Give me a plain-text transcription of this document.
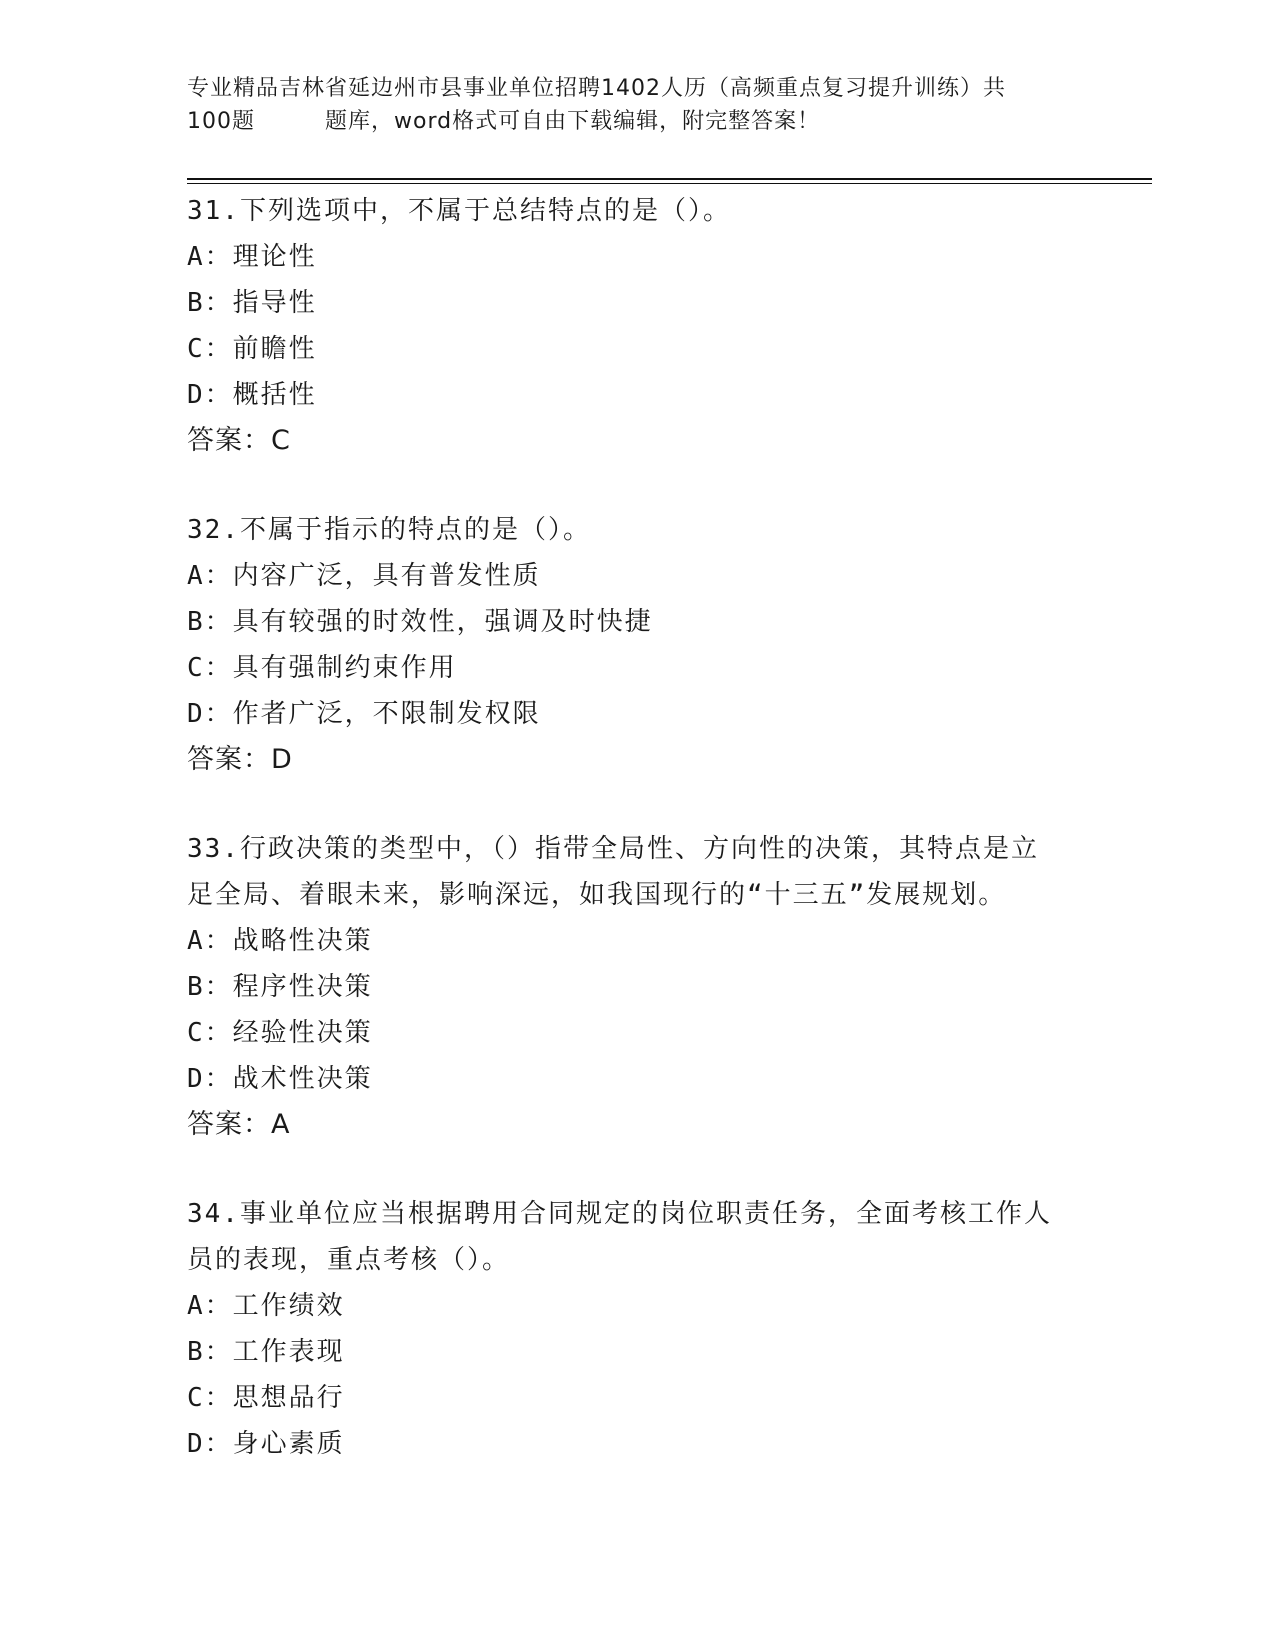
专业精品吉林省延边州市县事业单位招聘1402人历（高频重点复习提升训练）共
100题	题库，word格式可自由下载编辑，附完整答案！
31.下列选项中，不属于总结特点的是（）。
A：理论性
B：指导性
C：前瞻性
D：概括性
答案：C
32.不属于指示的特点的是（）。
A：内容广泛，具有普发性质
B：具有较强的时效性，强调及时快捷
C：具有强制约束作用
D：作者广泛，不限制发权限
答案：D
33.行政决策的类型中，（）指带全局性、方向性的决策，其特点是立
足全局、着眼未来，影响深远，如我国现行的“十三五”发展规划。
A：战略性决策
B：程序性决策
C：经验性决策
D：战术性决策
答案：A
34.事业单位应当根据聘用合同规定的岗位职责任务，全面考核工作人
员的表现，重点考核（）。
A：工作绩效
B：工作表现
C：思想品行
D：身心素质
